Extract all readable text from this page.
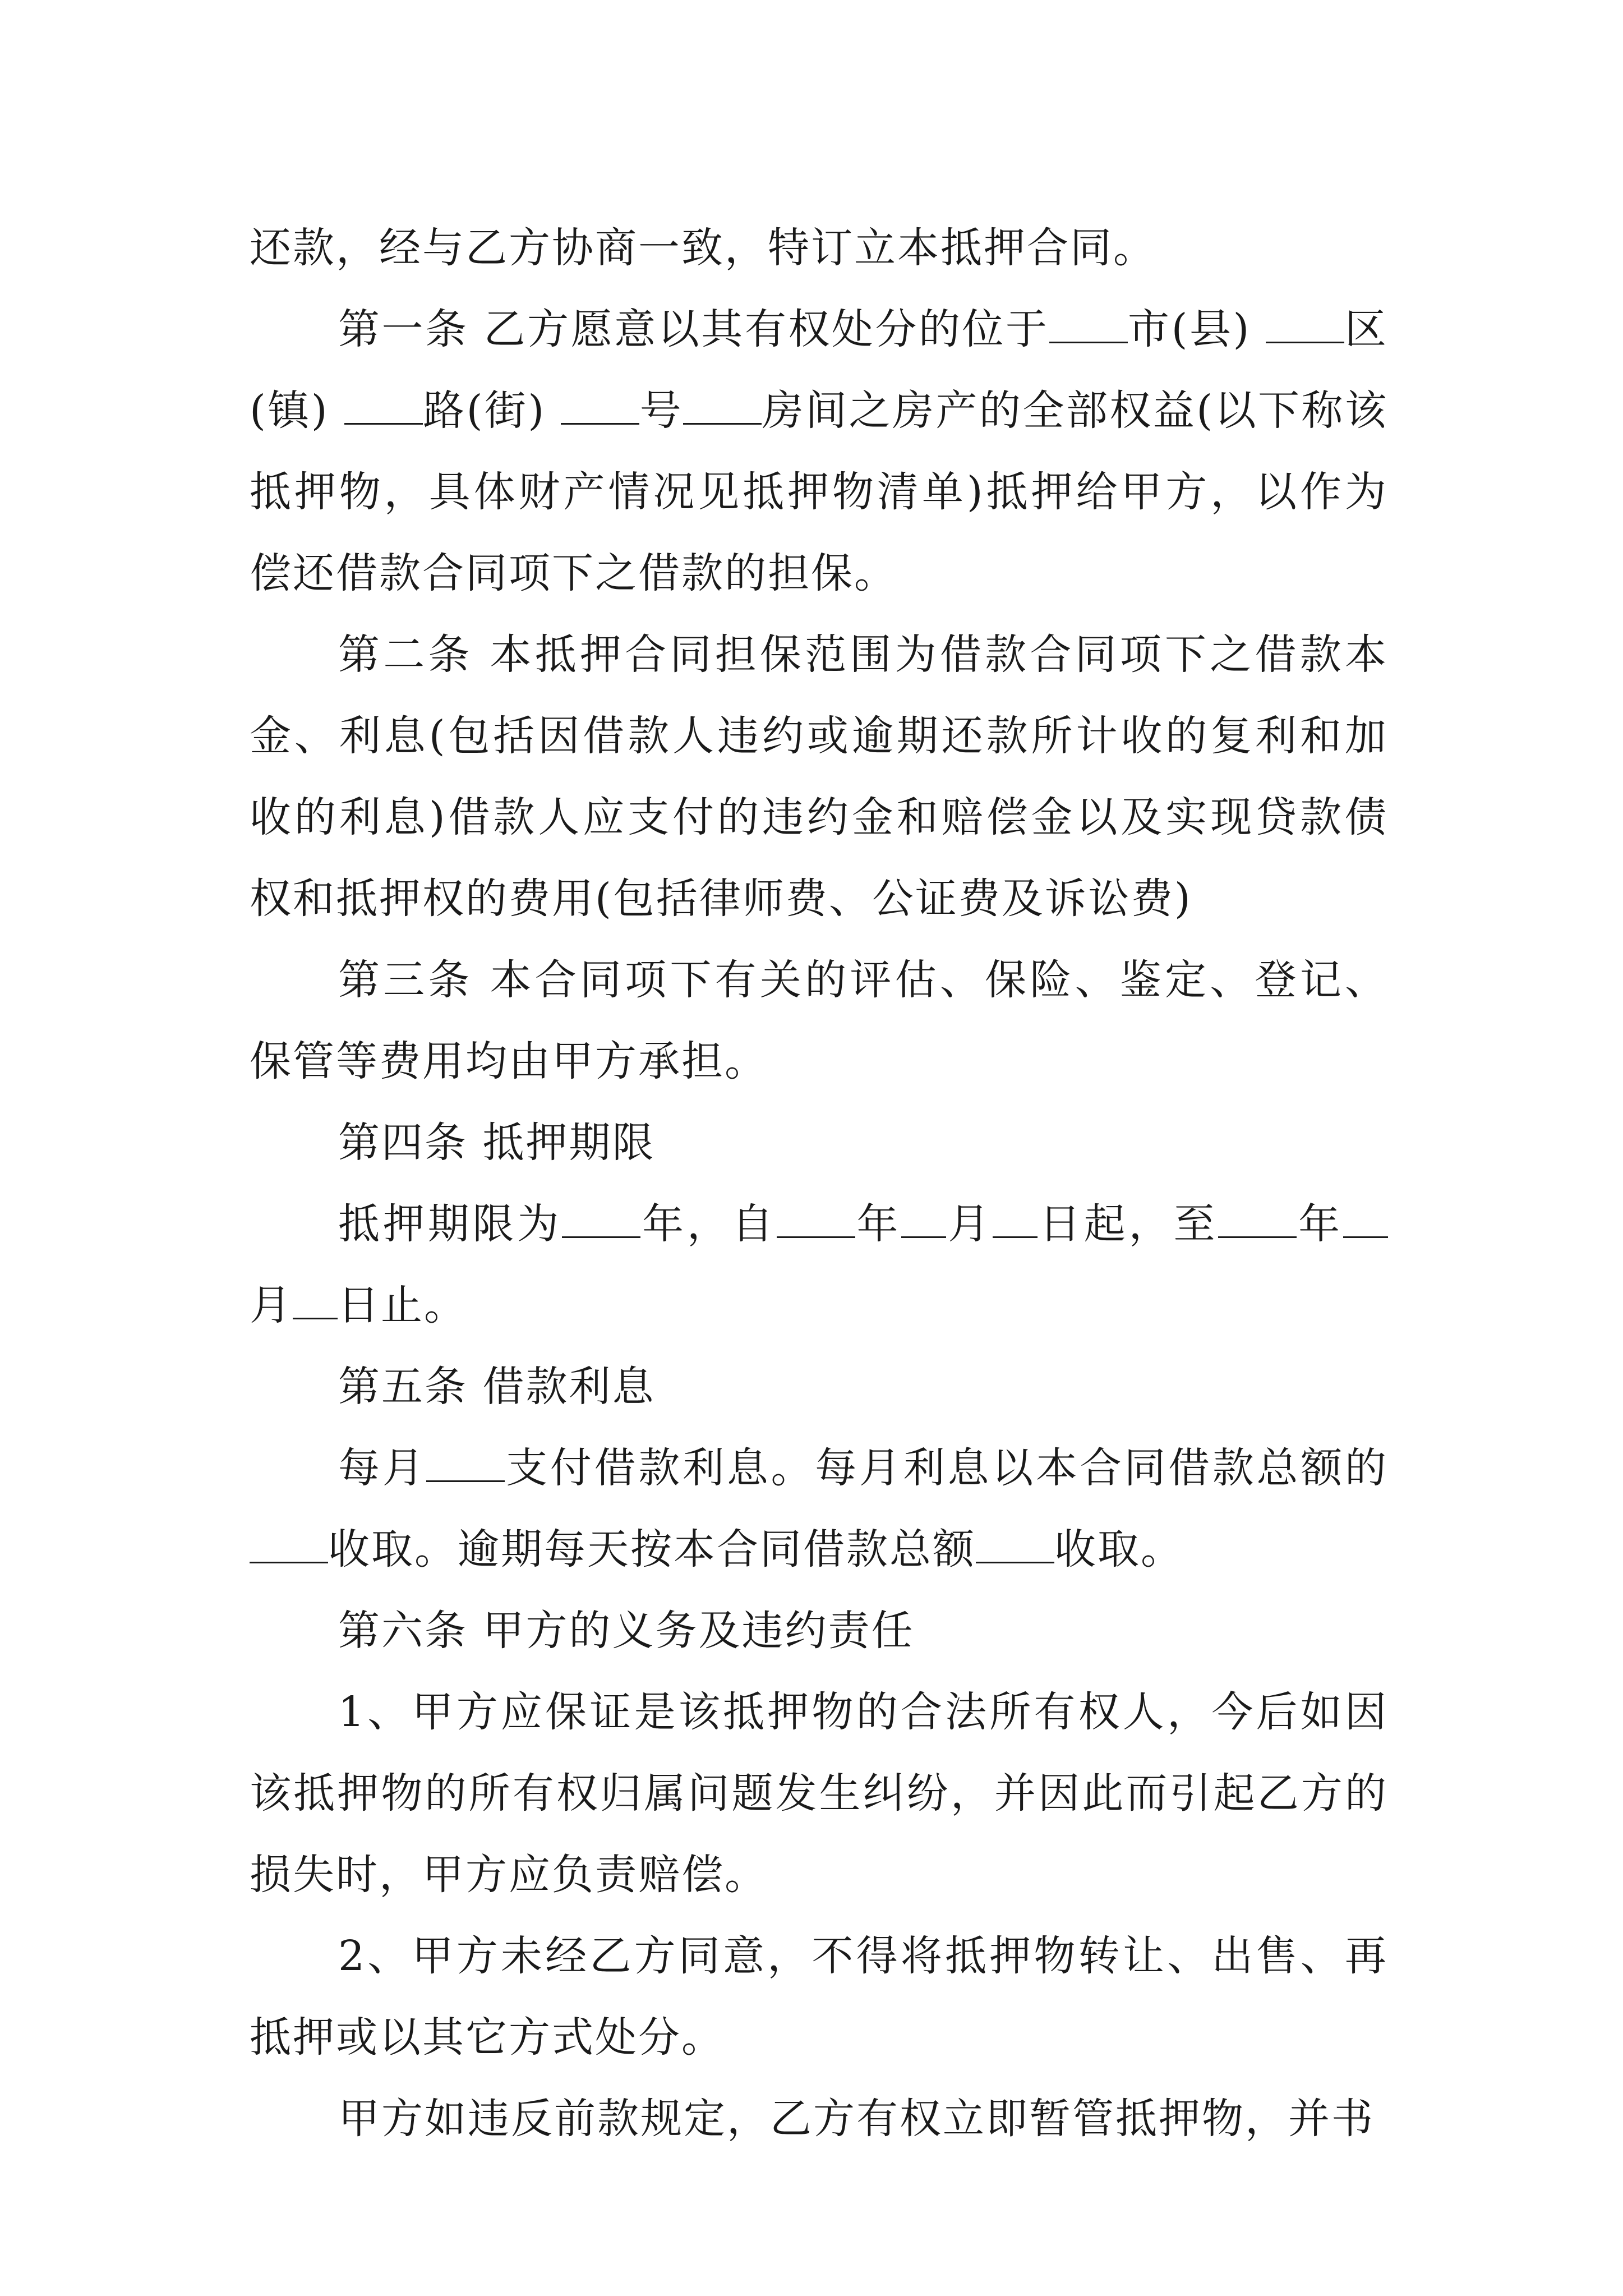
还款，经与乙方协商一致，特订立本抵押合同。

第一条 乙方愿意以其有权处分的位于 市(县) 区(镇) 路(街) 号 房间之房产的全部权益(以下称该抵押物，具体财产情况见抵押物清单)抵押给甲方，以作为偿还借款合同项下之借款的担保。

第二条 本抵押合同担保范围为借款合同项下之借款本金、利息(包括因借款人违约或逾期还款所计收的复利和加收的利息)借款人应支付的违约金和赔偿金以及实现贷款债权和抵押权的费用(包括律师费、公证费及诉讼费)

第三条 本合同项下有关的评估、保险、鉴定、登记、保管等费用均由甲方承担。

第四条 抵押期限

抵押期限为 年，自 年 月 日起，至 年月 日止。

第五条 借款利息

每月 支付借款利息。每月利息以本合同借款总额的收取。逾期每天按本合同借款总额 收取。

第六条 甲方的义务及违约责任

1、甲方应保证是该抵押物的合法所有权人，今后如因该抵押物的所有权归属问题发生纠纷，并因此而引起乙方的损失时，甲方应负责赔偿。

2、甲方未经乙方同意，不得将抵押物转让、出售、再抵押或以其它方式处分。

甲方如违反前款规定，乙方有权立即暂管抵押物，并书
